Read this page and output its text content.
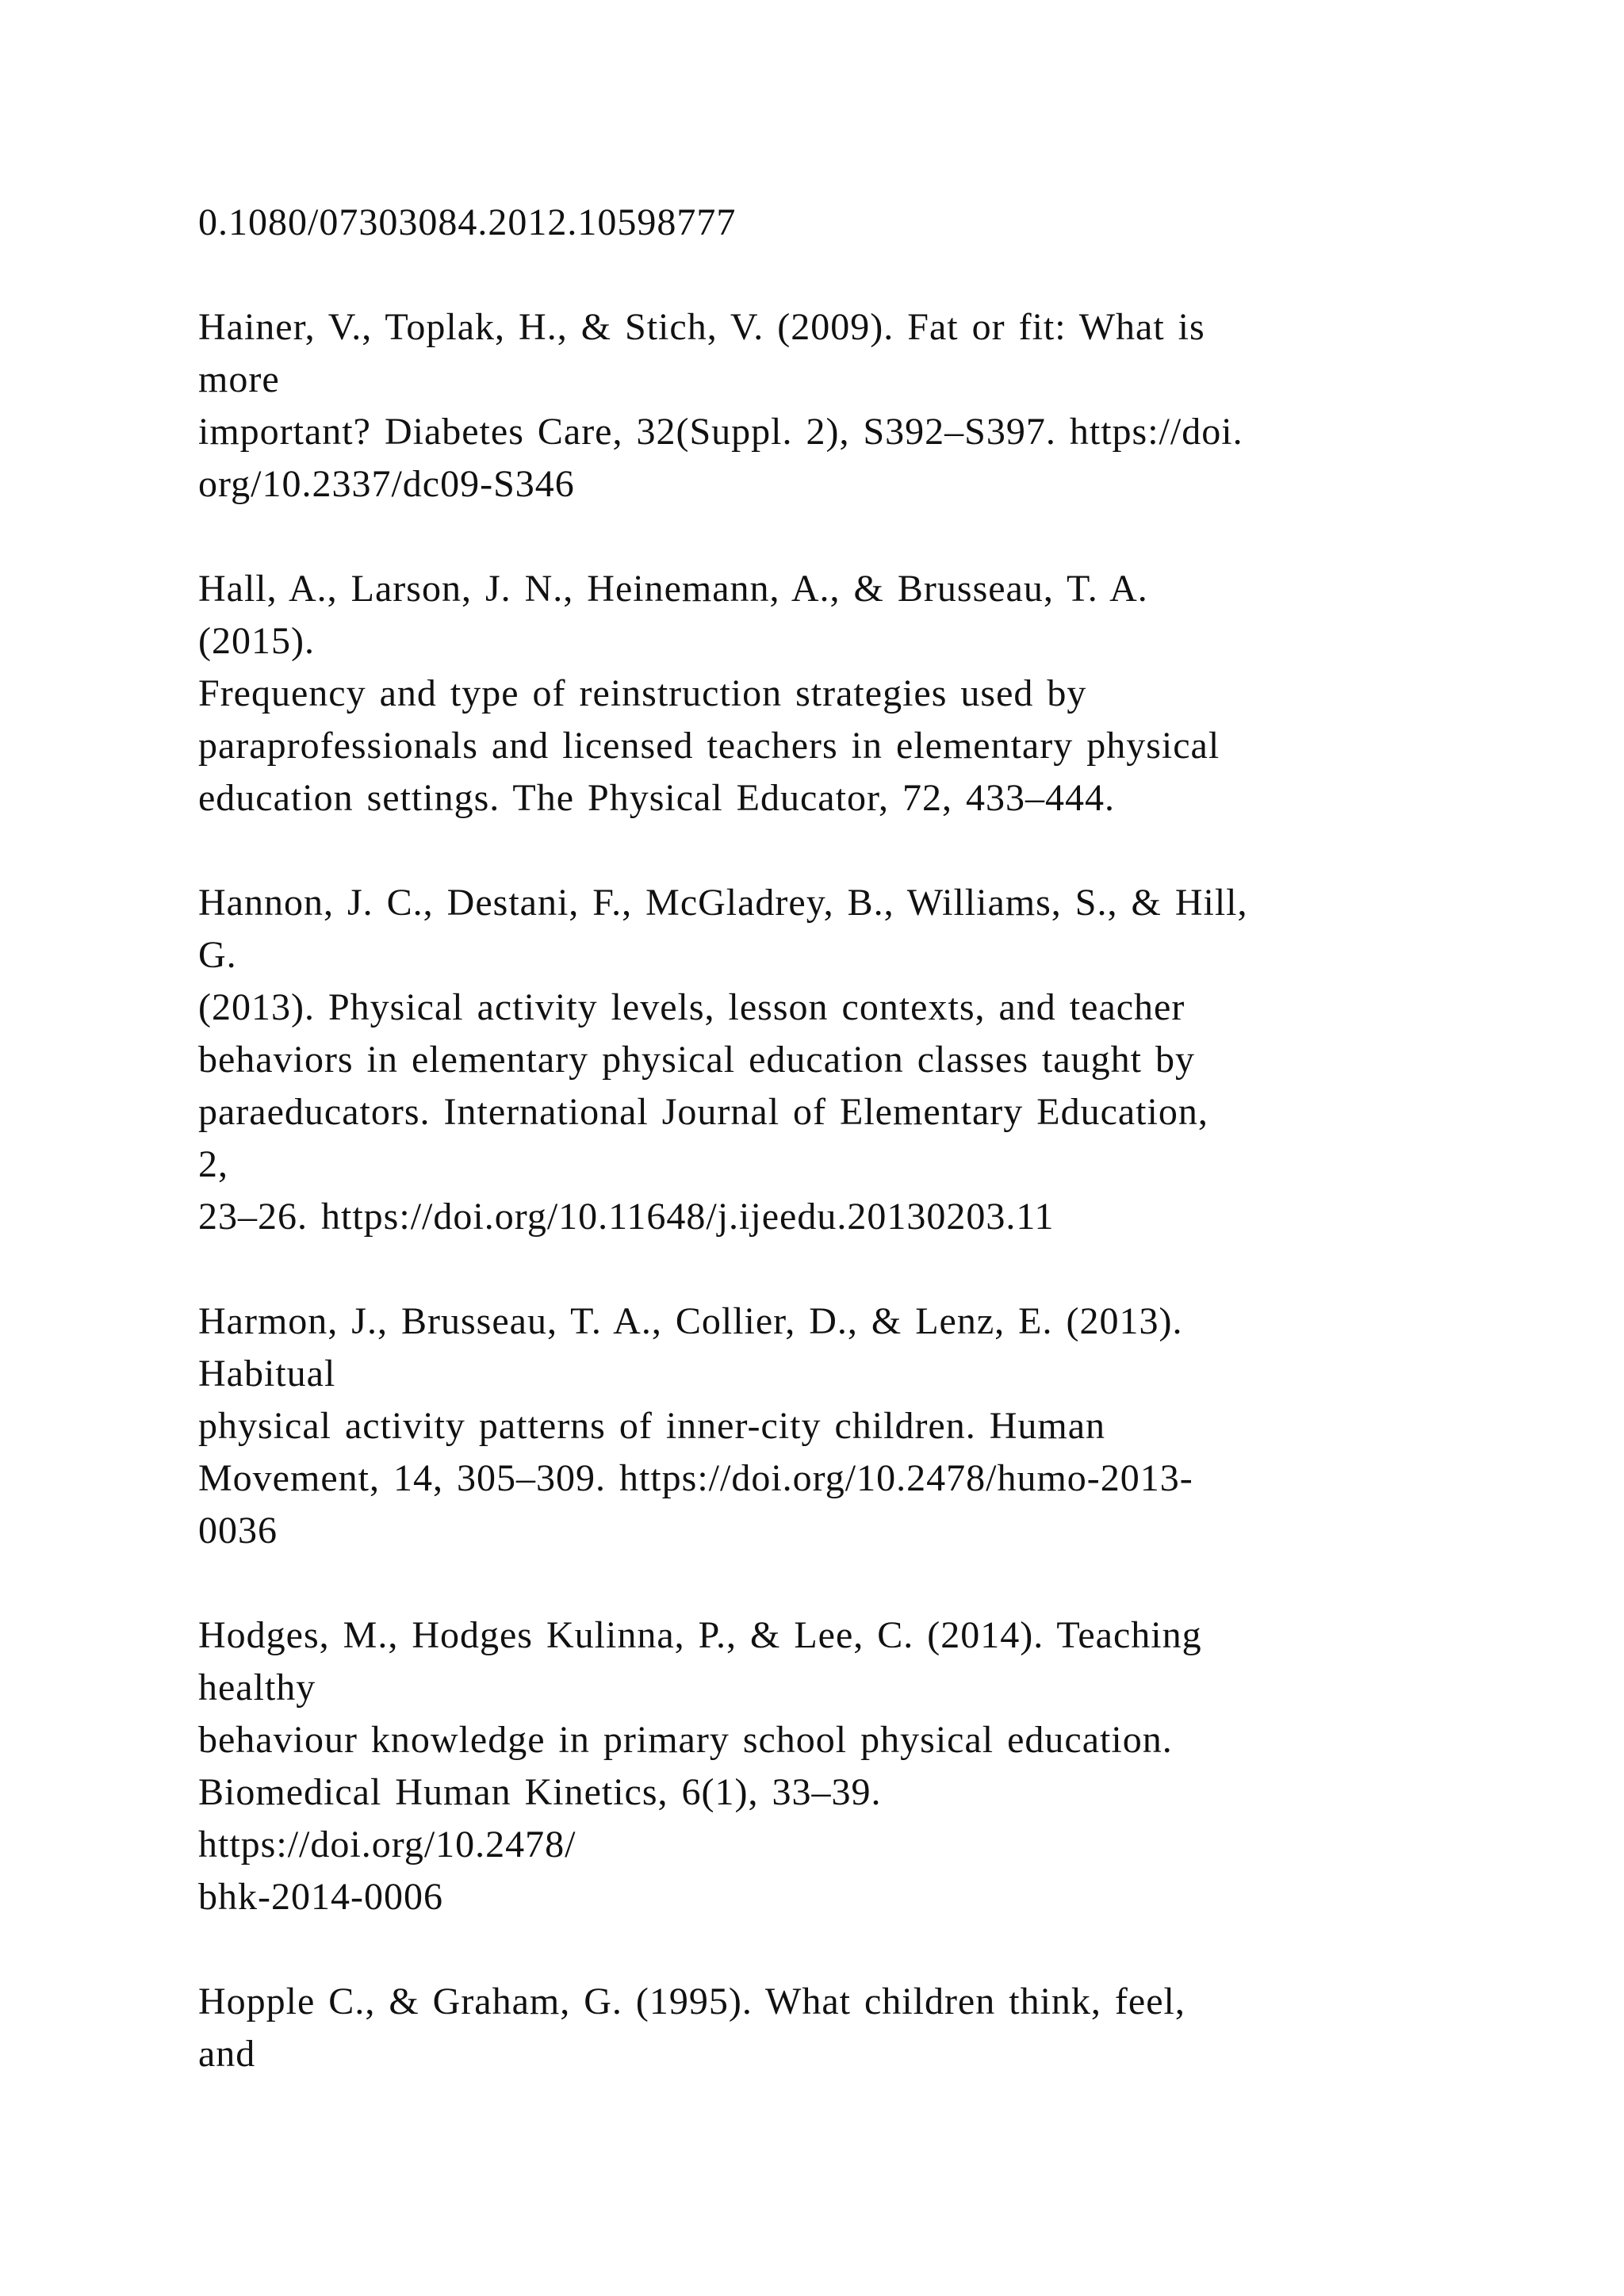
0.1080/07303084.2012.10598777
Hainer, V., Toplak, H., & Stich, V. (2009). Fat or fit: What is
more
important? Diabetes Care, 32(Suppl. 2), S392–S397. https://doi.
org/10.2337/dc09-S346
Hall, A., Larson, J. N., Heinemann, A., & Brusseau, T. A.
(2015).
Frequency and type of reinstruction strategies used by
paraprofessionals and licensed teachers in elementary physical
education settings. The Physical Educator, 72, 433–444.
Hannon, J. C., Destani, F., McGladrey, B., Williams, S., & Hill,
G.
(2013). Physical activity levels, lesson contexts, and teacher
behaviors in elementary physical education classes taught by
paraeducators. International Journal of Elementary Education,
2,
23–26. https://doi.org/10.11648/j.ijeedu.20130203.11
Harmon, J., Brusseau, T. A., Collier, D., & Lenz, E. (2013).
Habitual
physical activity patterns of inner-city children. Human
Movement, 14, 305–309. https://doi.org/10.2478/humo-2013-
0036
Hodges, M., Hodges Kulinna, P., & Lee, C. (2014). Teaching
healthy
behaviour knowledge in primary school physical education.
Biomedical Human Kinetics, 6(1), 33–39.
https://doi.org/10.2478/
bhk-2014-0006
Hopple C., & Graham, G. (1995). What children think, feel,
and
